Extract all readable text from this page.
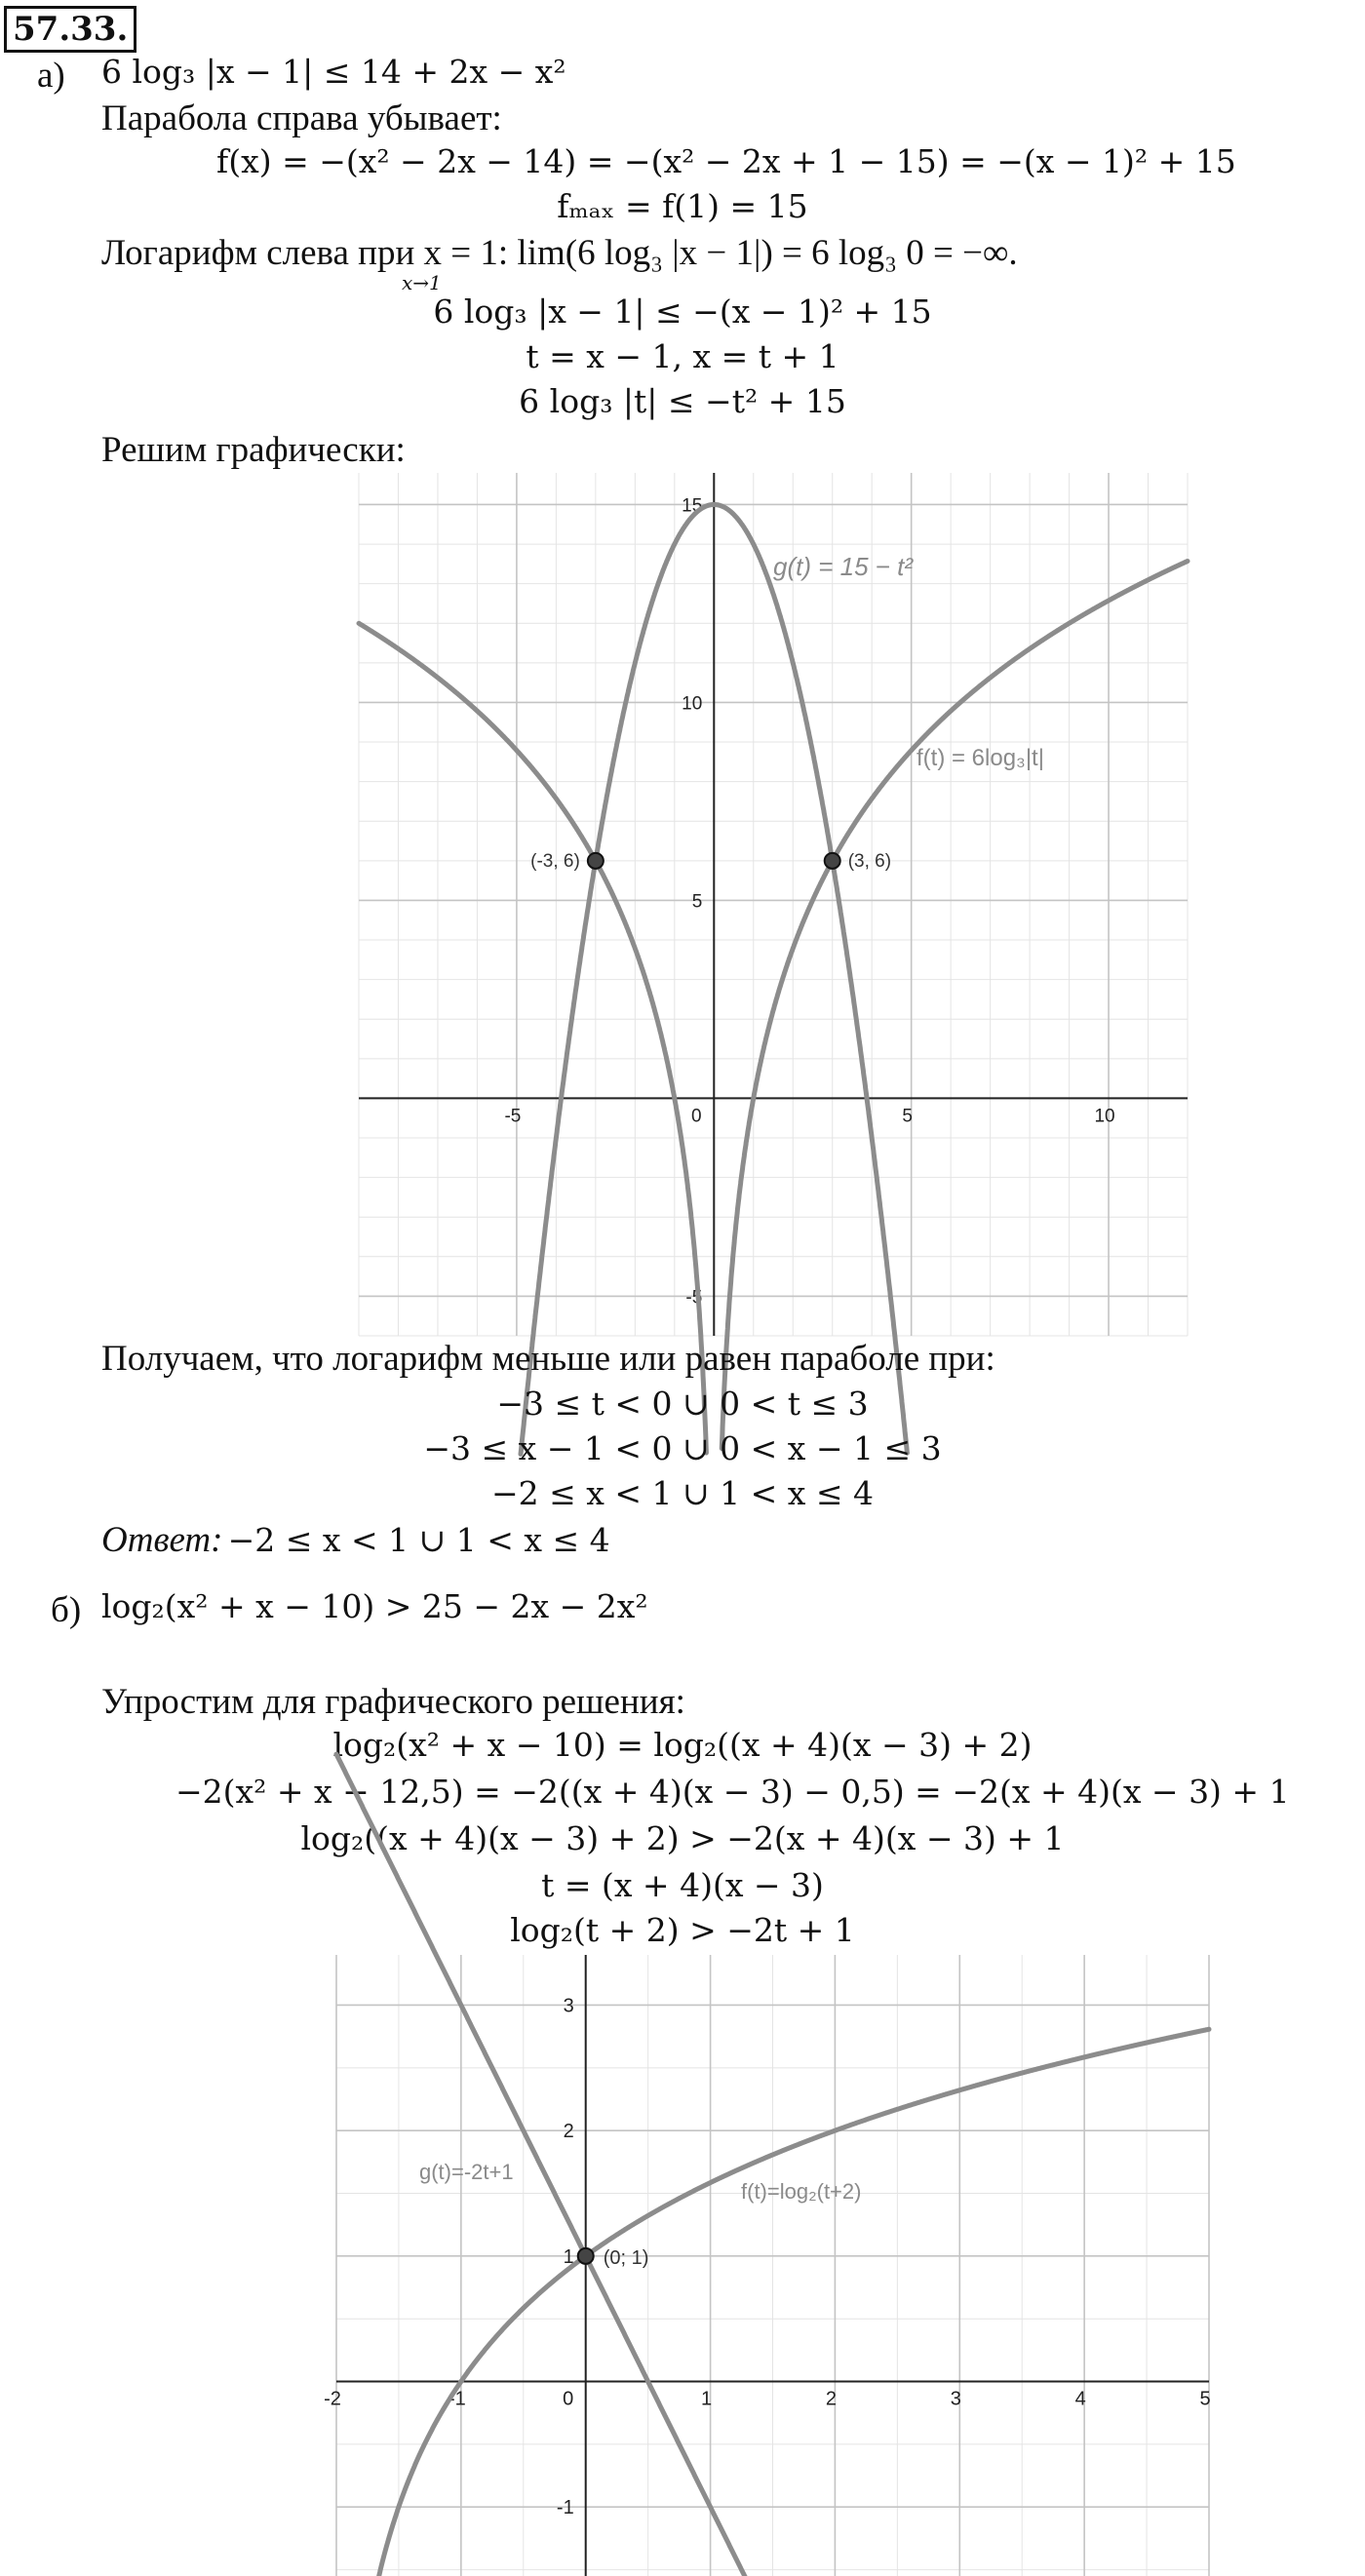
57.33.
а) 6 log₃ |x − 1| ≤ 14 + 2x − x²
Парабола справа убывает:
f(x) = −(x² − 2x − 14) = −(x² − 2x + 1 − 15) = −(x − 1)² + 15
fₘₐₓ = f(1) = 15
Логарифм слева при x = 1: lim(6 log₃ |x − 1|) = 6 log₃ 0 = −∞.
x→1
6 log₃ |x − 1| ≤ −(x − 1)² + 15
t = x − 1, x = t + 1
6 log₃ |t| ≤ −t² + 15
Решим графически:
-5	0	5	10
-5
5
10
15
g(t) = 15 − t²
f(t) = 6log₃|t|
(-3, 6)	(3, 6)
Получаем, что логарифм меньше или равен параболе при:
−3 ≤ t < 0 ∪ 0 < t ≤ 3
−3 ≤ x − 1 < 0 ∪ 0 < x − 1 ≤ 3
−2 ≤ x < 1 ∪ 1 < x ≤ 4
Ответ: −2 ≤ x < 1 ∪ 1 < x ≤ 4
б) log₂(x² + x − 10) > 25 − 2x − 2x²
Упростим для графического решения:
log₂(x² + x − 10) = log₂((x + 4)(x − 3) + 2)
−2(x² + x − 12,5) = −2((x + 4)(x − 3) − 0,5) = −2(x + 4)(x − 3) + 1
log₂((x + 4)(x − 3) + 2) > −2(x + 4)(x − 3) + 1
t = (x + 4)(x − 3)
log₂(t + 2) > −2t + 1
-2	-1	0	1	2	3	4	5
-1
1
2
3
g(t)=-2t+1
f(t)=log₂(t+2)
(0; 1)
